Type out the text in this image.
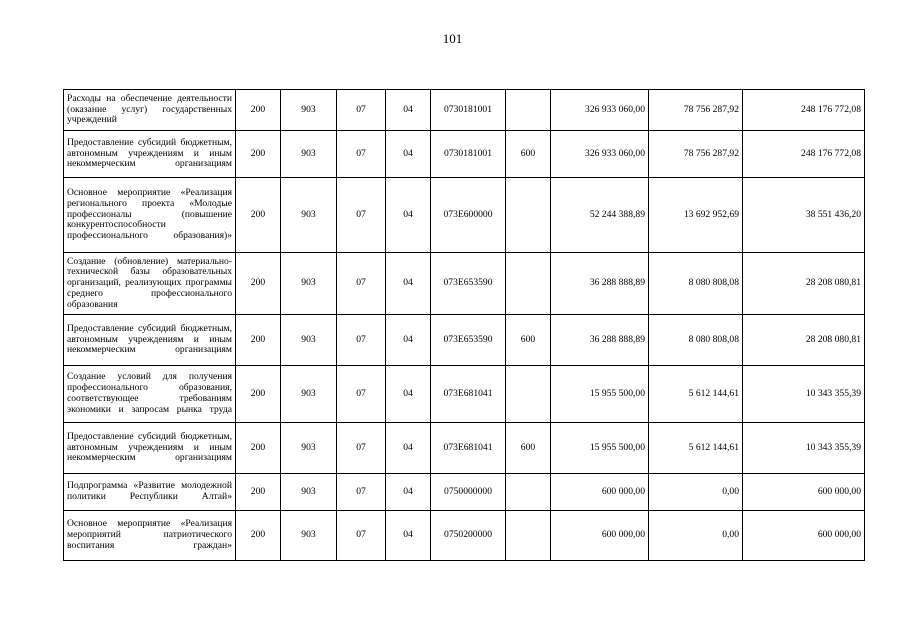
101
Расходы на обеспечение деятельности (оказание услуг) государственных учреждений	200	903	07	04	0730181001		326 933 060,00	78 756 287,92	248 176 772,08
Предоставление субсидий бюджетным, автономным учреждениям и иным некоммерческим организациям	200	903	07	04	0730181001	600	326 933 060,00	78 756 287,92	248 176 772,08
Основное мероприятие «Реализация регионального проекта «Молодые профессионалы (повышение конкурентоспособности профессионального образования)»	200	903	07	04	073E600000		52 244 388,89	13 692 952,69	38 551 436,20
Создание (обновление) материально-технической базы образовательных организаций, реализующих программы среднего профессионального образования	200	903	07	04	073E653590		36 288 888,89	8 080 808,08	28 208 080,81
Предоставление субсидий бюджетным, автономным учреждениям и иным некоммерческим организациям	200	903	07	04	073E653590	600	36 288 888,89	8 080 808,08	28 208 080,81
Создание условий для получения профессионального образования, соответствующее требованиям экономики и запросам рынка труда	200	903	07	04	073E681041		15 955 500,00	5 612 144,61	10 343 355,39
Предоставление субсидий бюджетным, автономным учреждениям и иным некоммерческим организациям	200	903	07	04	073E681041	600	15 955 500,00	5 612 144,61	10 343 355,39
Подпрограмма «Развитие молодежной политики Республики Алтай»	200	903	07	04	0750000000		600 000,00	0,00	600 000,00
Основное мероприятие «Реализация мероприятий патриотического воспитания граждан»	200	903	07	04	0750200000		600 000,00	0,00	600 000,00
